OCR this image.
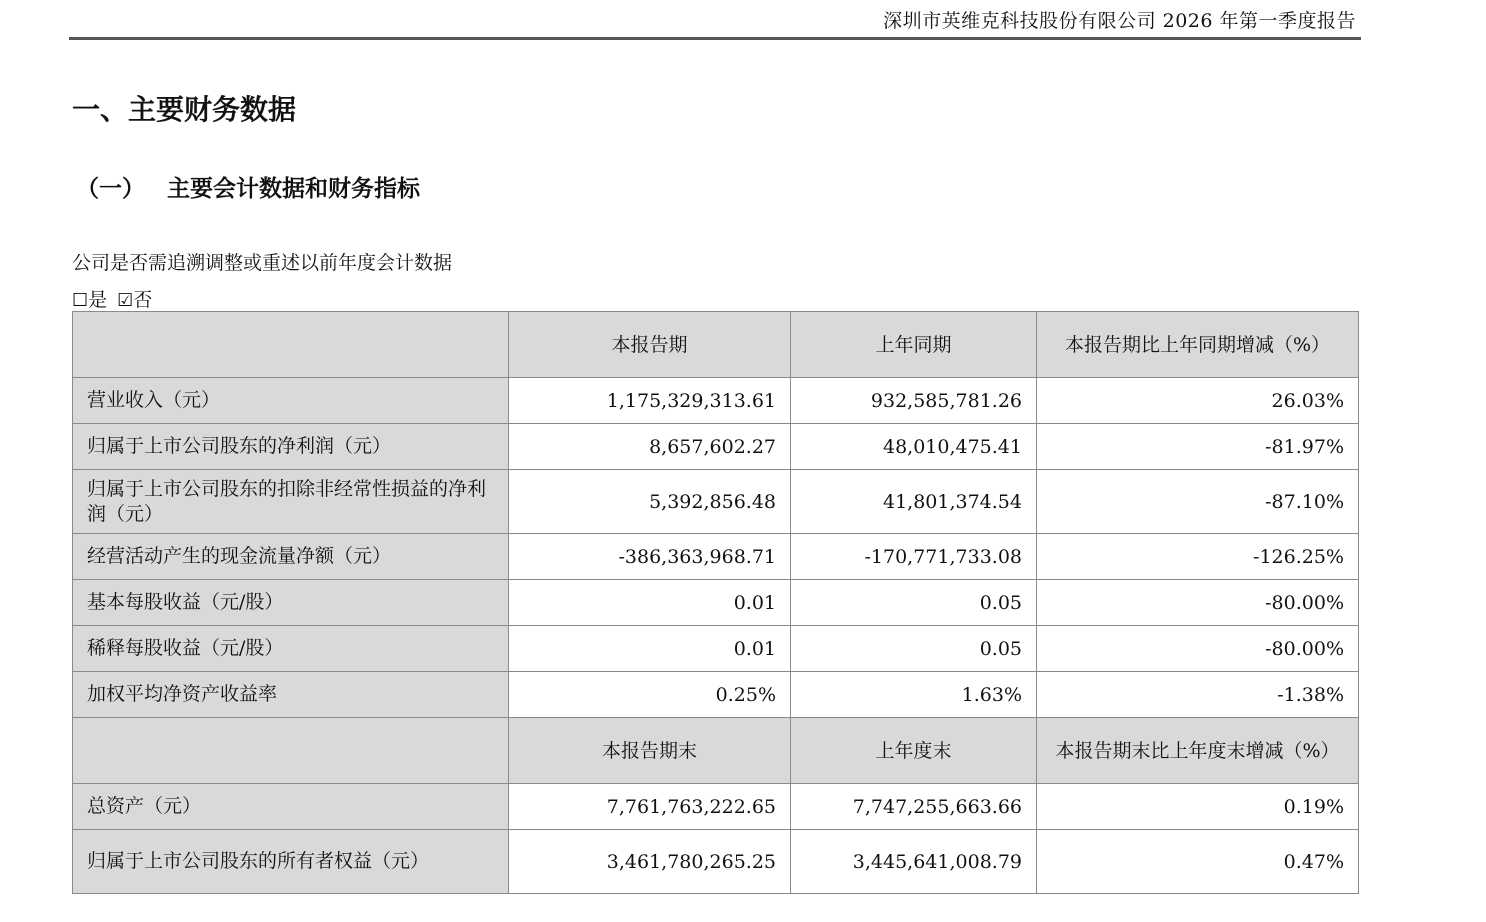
深圳市英维克科技股份有限公司 2026 年第一季度报告
一、主要财务数据
（一） 主要会计数据和财务指标
公司是否需追溯调整或重述以前年度会计数据
☐是 ☑否
	本报告期	上年同期	本报告期比上年同期增减（%）
营业收入（元）	1,175,329,313.61	932,585,781.26	26.03%
归属于上市公司股东的净利润（元）	8,657,602.27	48,010,475.41	-81.97%
归属于上市公司股东的扣除非经常性损益的净利润（元）	5,392,856.48	41,801,374.54	-87.10%
经营活动产生的现金流量净额（元）	-386,363,968.71	-170,771,733.08	-126.25%
基本每股收益（元/股）	0.01	0.05	-80.00%
稀释每股收益（元/股）	0.01	0.05	-80.00%
加权平均净资产收益率	0.25%	1.63%	-1.38%
	本报告期末	上年度末	本报告期末比上年度末增减（%）
总资产（元）	7,761,763,222.65	7,747,255,663.66	0.19%
归属于上市公司股东的所有者权益（元）	3,461,780,265.25	3,445,641,008.79	0.47%
